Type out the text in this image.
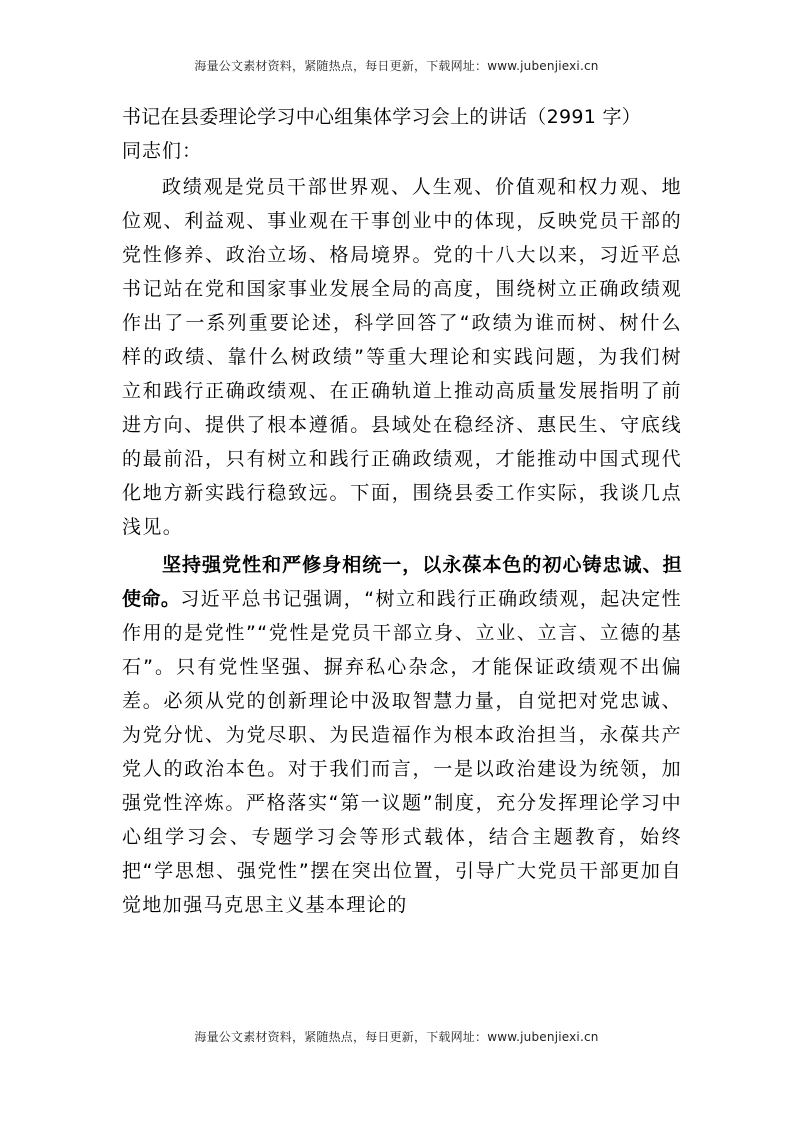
海量公文素材资料，紧随热点，每日更新，下载网址：www.jubenjiexi.cn
书记在县委理论学习中心组集体学习会上的讲话（2991 字）
同志们：

政绩观是党员干部世界观、人生观、价值观和权力观、地位观、利益观、事业观在干事创业中的体现，反映党员干部的党性修养、政治立场、格局境界。党的十八大以来，习近平总书记站在党和国家事业发展全局的高度，围绕树立正确政绩观作出了一系列重要论述，科学回答了“政绩为谁而树、树什么样的政绩、靠什么树政绩”等重大理论和实践问题，为我们树立和践行正确政绩观、在正确轨道上推动高质量发展指明了前进方向、提供了根本遵循。县域处在稳经济、惠民生、守底线的最前沿，只有树立和践行正确政绩观，才能推动中国式现代化地方新实践行稳致远。下面，围绕县委工作实际，我谈几点浅见。

坚持强党性和严修身相统一，以永葆本色的初心铸忠诚、担使命。习近平总书记强调，“树立和践行正确政绩观，起决定性作用的是党性”“党性是党员干部立身、立业、立言、立德的基石”。只有党性坚强、摒弃私心杂念，才能保证政绩观不出偏差。必须从党的创新理论中汲取智慧力量，自觉把对党忠诚、为党分忧、为党尽职、为民造福作为根本政治担当，永葆共产党人的政治本色。对于我们而言，一是以政治建设为统领，加强党性淬炼。严格落实“第一议题”制度，充分发挥理论学习中心组学习会、专题学习会等形式载体，结合主题教育，始终把“学思想、强党性”摆在突出位置，引导广大党员干部更加自觉地加强马克思主义基本理论的

海量公文素材资料，紧随热点，每日更新，下载网址：www.jubenjiexi.cn
